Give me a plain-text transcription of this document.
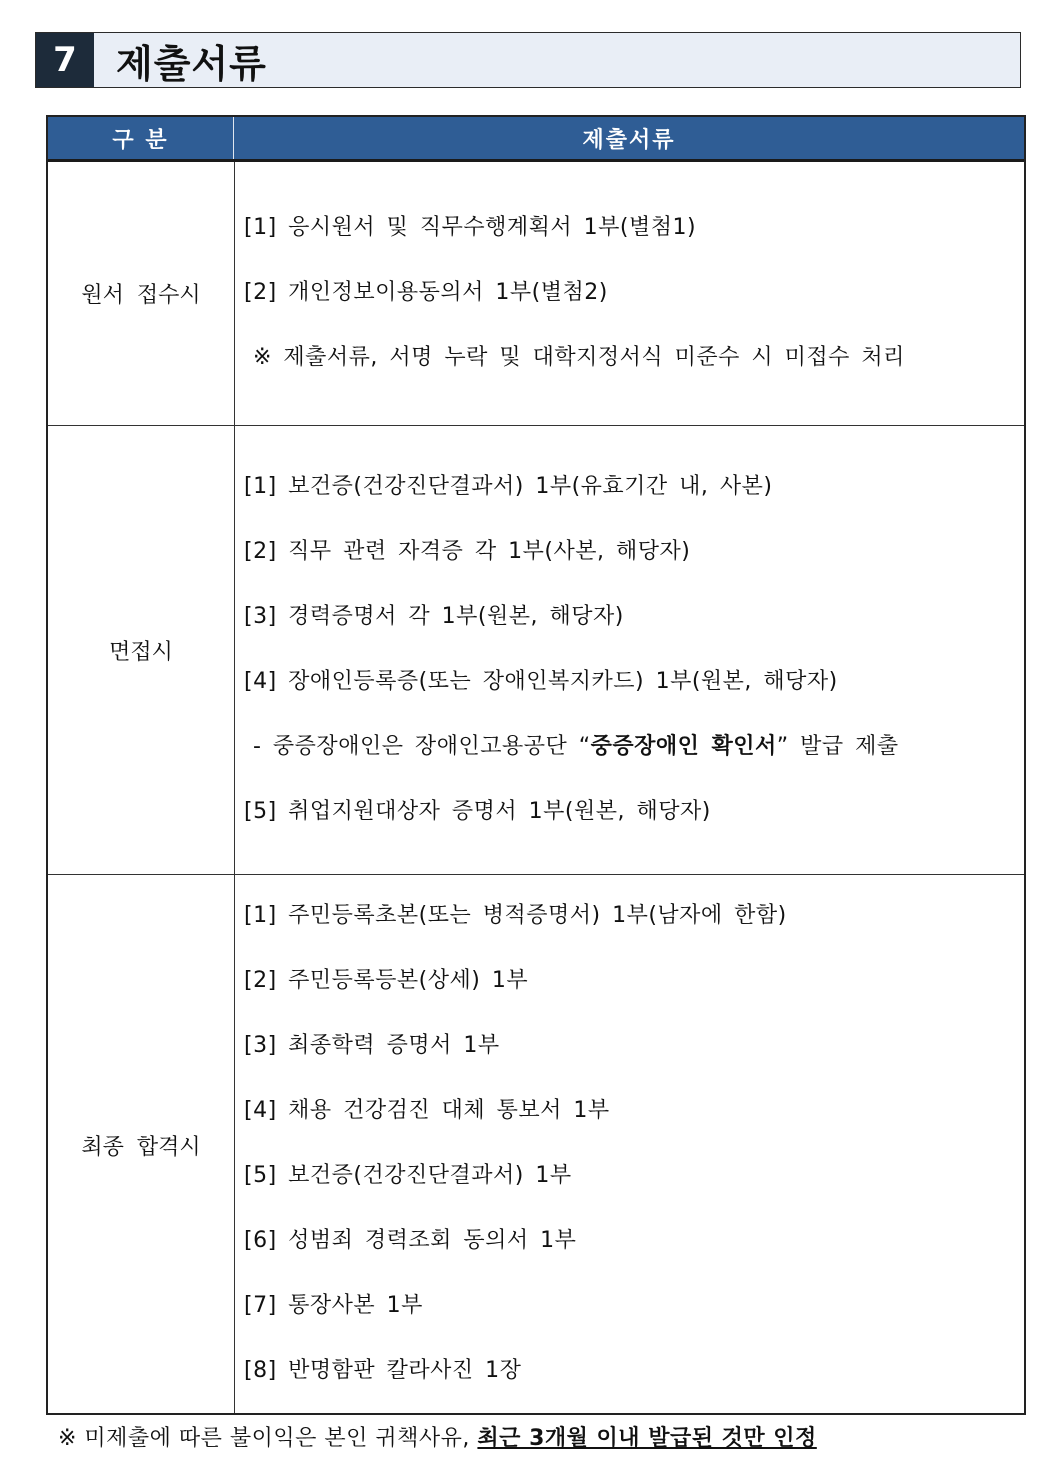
7	제출서류
구 분	제출서류
원서 접수시
[1] 응시원서 및 직무수행계획서 1부(별첨1)
[2] 개인정보이용동의서 1부(별첨2)
※ 제출서류, 서명 누락 및 대학지정서식 미준수 시 미접수 처리
면접시
[1] 보건증(건강진단결과서) 1부(유효기간 내, 사본)
[2] 직무 관련 자격증 각 1부(사본, 해당자)
[3] 경력증명서 각 1부(원본, 해당자)
[4] 장애인등록증(또는 장애인복지카드) 1부(원본, 해당자)
- 중증장애인은 장애인고용공단 “중증장애인 확인서” 발급 제출
[5] 취업지원대상자 증명서 1부(원본, 해당자)
최종 합격시
[1] 주민등록초본(또는 병적증명서) 1부(남자에 한함)
[2] 주민등록등본(상세) 1부
[3] 최종학력 증명서 1부
[4] 채용 건강검진 대체 통보서 1부
[5] 보건증(건강진단결과서) 1부
[6] 성범죄 경력조회 동의서 1부
[7] 통장사본 1부
[8] 반명함판 칼라사진 1장
※ 미제출에 따른 불이익은 본인 귀책사유, 최근 3개월 이내 발급된 것만 인정
